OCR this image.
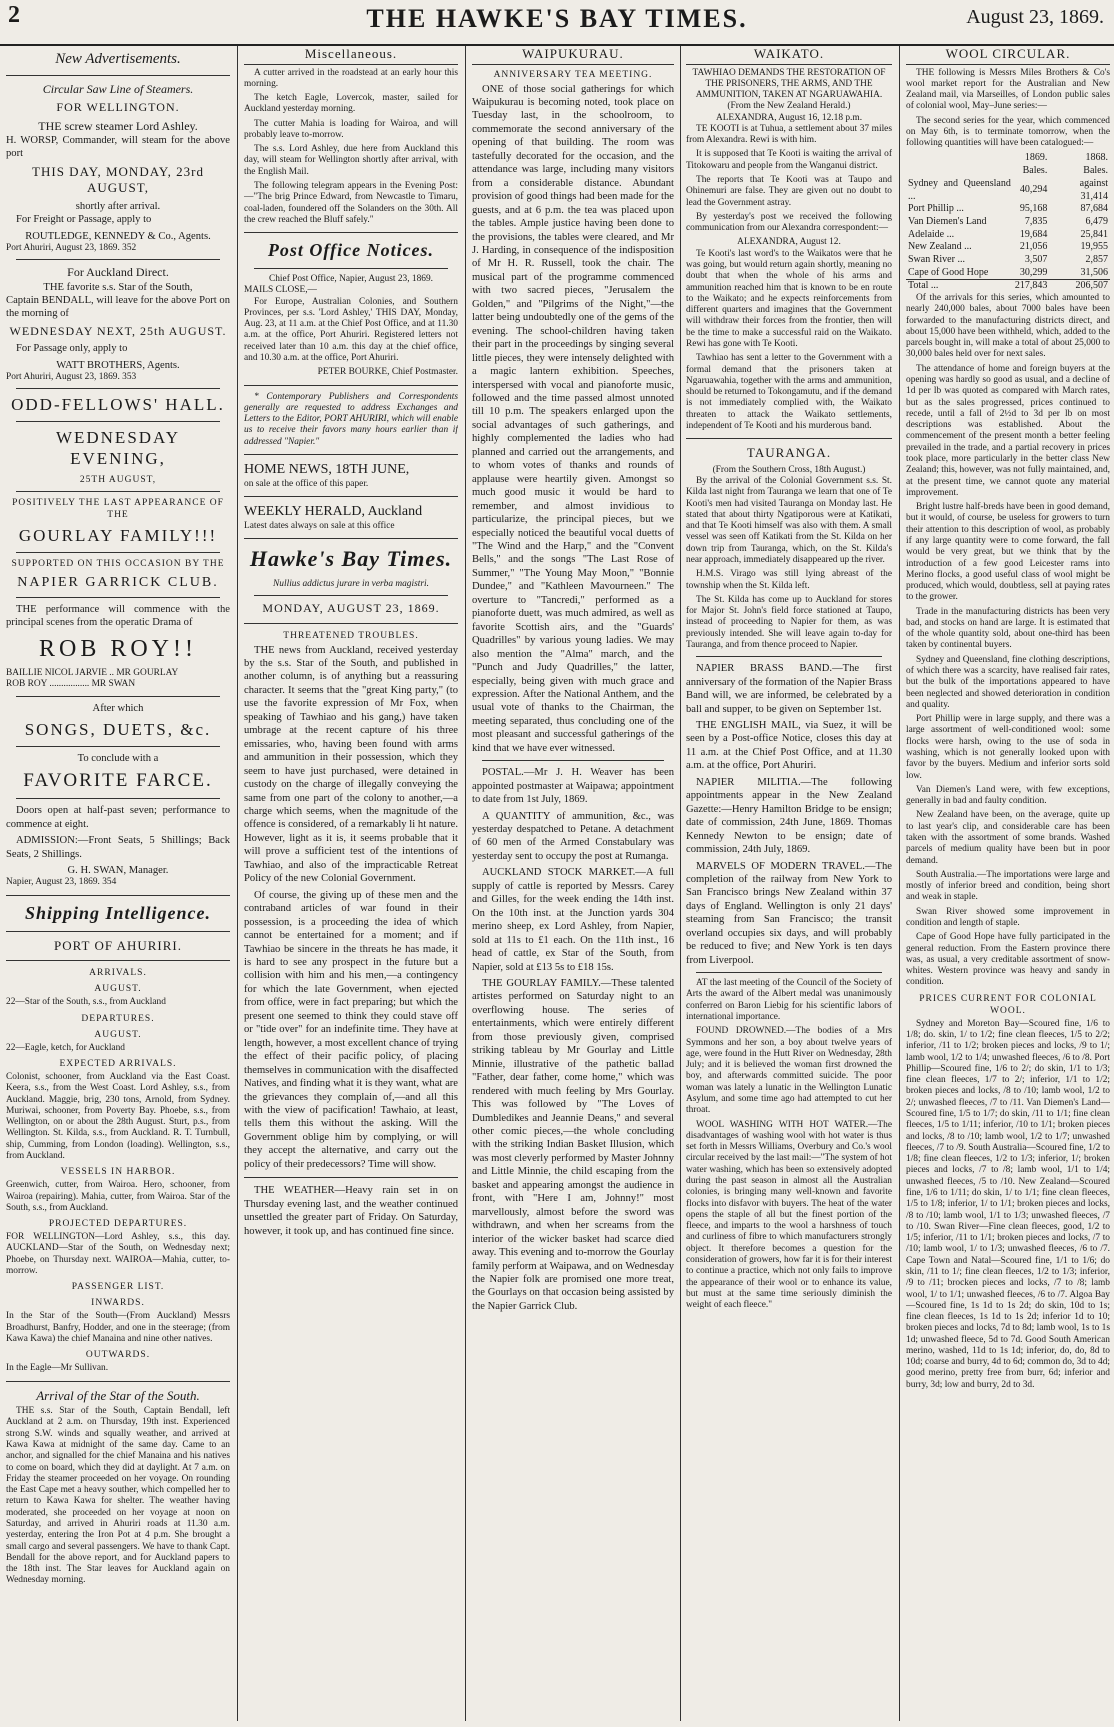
2	THE HAWKE'S BAY TIMES.	August 23, 1869.
New Advertisements.
Circular Saw Line of Steamers.
FOR WELLINGTON.
THE screw steamer Lord Ashley.

H. WORSP, Commander, will steam for the above port

THIS DAY, MONDAY, 23rd AUGUST,
shortly after arrival.

For Freight or Passage, apply to

ROUTLEDGE, KENNEDY & Co., Agents.
Port Ahuriri, August 23, 1869. 352
For Auckland Direct.
THE favorite s.s. Star of the South,

Captain BENDALL, will leave for the above Port on the morning of

WEDNESDAY NEXT, 25th AUGUST.

For Passage only, apply to

WATT BROTHERS, Agents.
Port Ahuriri, August 23, 1869. 353
ODD-FELLOWS' HALL.
WEDNESDAY EVENING,
25TH AUGUST,
POSITIVELY THE LAST APPEARANCE OF THE
GOURLAY FAMILY!!!
SUPPORTED ON THIS OCCASION BY THE
NAPIER GARRICK CLUB.

THE performance will commence with the principal scenes from the operatic Drama of

ROB ROY!!
BAILLIE NICOL JARVIE .. MR GOURLAY
ROB ROY ................. MR SWAN
After which
SONGS, DUETS, &c.
To conclude with a
FAVORITE FARCE.

Doors open at half-past seven; performance to commence at eight.

ADMISSION:—Front Seats, 5 Shillings; Back Seats, 2 Shillings.

G. H. SWAN, Manager.
Napier, August 23, 1869. 354
Shipping Intelligence.
PORT OF AHURIRI.
ARRIVALS.
AUGUST.
22—Star of the South, s.s., from Auckland
DEPARTURES.
AUGUST.
22—Eagle, ketch, for Auckland
EXPECTED ARRIVALS.
Colonist, schooner, from Auckland via the East Coast. Keera, s.s., from the West Coast. Lord Ashley, s.s., from Auckland. Maggie, brig, 230 tons, Arnold, from Sydney. Muriwai, schooner, from Poverty Bay. Phoebe, s.s., from Wellington, on or about the 28th August. Sturt, p.s., from Wellington. St. Kilda, s.s., from Auckland. R. T. Turnbull, ship, Cumming, from London (loading). Wellington, s.s., from Auckland.
VESSELS IN HARBOR.
Greenwich, cutter, from Wairoa. Hero, schooner, from Wairoa (repairing). Mahia, cutter, from Wairoa. Star of the South, s.s., from Auckland.
PROJECTED DEPARTURES.
FOR WELLINGTON—Lord Ashley, s.s., this day. AUCKLAND—Star of the South, on Wednesday next; Phoebe, on Thursday next. WAIROA—Mahia, cutter, to-morrow.
PASSENGER LIST.
INWARDS.
In the Star of the South—(From Auckland) Messrs Broadhurst, Banfry, Hodder, and one in the steerage; (from Kawa Kawa) the chief Manaina and nine other natives.
OUTWARDS.
In the Eagle—Mr Sullivan.
Arrival of the Star of the South.

THE s.s. Star of the South, Captain Bendall, left Auckland at 2 a.m. on Thursday, 19th inst. Experienced strong S.W. winds and squally weather, and arrived at Kawa Kawa at midnight of the same day. Came to an anchor, and signalled for the chief Manaina and his natives to come on board, which they did at daylight. At 7 a.m. on Friday the steamer proceeded on her voyage. On rounding the East Cape met a heavy souther, which compelled her to return to Kawa Kawa for shelter. The weather having moderated, she proceeded on her voyage at noon on Saturday, and arrived in Ahuriri roads at 11.30 a.m. yesterday, entering the Iron Pot at 4 p.m. She brought a small cargo and several passengers. We have to thank Capt. Bendall for the above report, and for Auckland papers to the 18th inst. The Star leaves for Auckland again on Wednesday morning.

Miscellaneous.

A cutter arrived in the roadstead at an early hour this morning.

The ketch Eagle, Lovercok, master, sailed for Auckland yesterday morning.

The cutter Mahia is loading for Wairoa, and will probably leave to-morrow.

The s.s. Lord Ashley, due here from Auckland this day, will steam for Wellington shortly after arrival, with the English Mail.

The following telegram appears in the Evening Post:—"The brig Prince Edward, from Newcastle to Timaru, coal-laden, foundered off the Solanders on the 30th. All the crew reached the Bluff safely."

Post Office Notices.
Chief Post Office, Napier, August 23, 1869.
MAILS CLOSE,—

For Europe, Australian Colonies, and Southern Provinces, per s.s. 'Lord Ashley,' THIS DAY, Monday, Aug. 23, at 11 a.m. at the Chief Post Office, and at 11.30 a.m. at the office, Port Ahuriri. Registered letters not received later than 10 a.m. this day at the chief office, and 10.30 a.m. at the office, Port Ahuriri.

PETER BOURKE, Chief Postmaster.

* Contemporary Publishers and Correspondents generally are requested to address Exchanges and Letters to the Editor, PORT AHURIRI, which will enable us to receive their favors many hours earlier than if addressed "Napier."

HOME NEWS, 18TH JUNE,
on sale at the office of this paper.
WEEKLY HERALD, Auckland
Latest dates always on sale at this office
Hawke's Bay Times.
Nullius addictus jurare in verba magistri.
MONDAY, AUGUST 23, 1869.
THREATENED TROUBLES.

THE news from Auckland, received yesterday by the s.s. Star of the South, and published in another column, is of anything but a reassuring character. It seems that the "great King party," (to use the favorite expression of Mr Fox, when speaking of Tawhiao and his gang,) have taken umbrage at the recent capture of his three emissaries, who, having been found with arms and ammunition in their possession, which they seem to have just purchased, were detained in custody on the charge of illegally conveying the same from one part of the colony to another,—a charge which seems, when the magnitude of the offence is considered, of a remarkably li ht nature. However, light as it is, it seems probable that it will prove a sufficient test of the intentions of Tawhiao, and also of the impracticable Retreat Policy of the new Colonial Government.

Of course, the giving up of these men and the contraband articles of war found in their possession, is a proceeding the idea of which cannot be entertained for a moment; and if Tawhiao be sincere in the threats he has made, it is hard to see any prospect in the future but a collision with him and his men,—a contingency for which the late Government, when ejected from office, were in fact preparing; but which the present one seemed to think they could stave off or "tide over" for an indefinite time. They have at length, however, a most excellent chance of trying the effect of their pacific policy, of placing themselves in communication with the disaffected Natives, and finding what it is they want, what are the grievances they complain of,—and all this with the view of pacification! Tawhaio, at least, tells them this without the asking. Will the Government oblige him by complying, or will they accept the alternative, and carry out the policy of their predecessors? Time will show.

THE WEATHER—Heavy rain set in on Thursday evening last, and the weather continued unsettled the greater part of Friday. On Saturday, however, it took up, and has continued fine since.

WAIPUKURAU.
ANNIVERSARY TEA MEETING.

ONE of those social gatherings for which Waipukurau is becoming noted, took place on Tuesday last, in the schoolroom, to commemorate the second anniversary of the opening of that building. The room was tastefully decorated for the occasion, and the attendance was large, including many visitors from a considerable distance. Abundant provision of good things had been made for the guests, and at 6 p.m. the tea was placed upon the tables. Ample justice having been done to the provisions, the tables were cleared, and Mr J. Harding, in consequence of the indisposition of Mr H. R. Russell, took the chair. The musical part of the programme commenced with two sacred pieces, "Jerusalem the Golden," and "Pilgrims of the Night,"—the latter being undoubtedly one of the gems of the evening. The school-children having taken their part in the proceedings by singing several little pieces, they were intensely delighted with a magic lantern exhibition. Speeches, interspersed with vocal and pianoforte music, followed and the time passed almost unnoted till 10 p.m. The speakers enlarged upon the social advantages of such gatherings, and highly complemented the ladies who had planned and carried out the arrangements, and to whom votes of thanks and rounds of applause were heartily given. Amongst so much good music it would be hard to remember, and almost invidious to particularize, the principal pieces, but we especially noticed the beautiful vocal duetts of "The Wind and the Harp," and the "Convent Bells," and the songs "The Last Rose of Summer," "The Young May Moon," "Bonnie Dundee," and "Kathleen Mavourneen." The overture to "Tancredi," performed as a pianoforte duett, was much admired, as well as favorite Scottish airs, and the "Guards' Quadrilles" by various young ladies. We may also mention the "Alma" march, and the "Punch and Judy Quadrilles," the latter, especially, being given with much grace and expression. After the National Anthem, and the usual vote of thanks to the Chairman, the meeting separated, thus concluding one of the most pleasant and successful gatherings of the kind that we have ever witnessed.

POSTAL.—Mr J. H. Weaver has been appointed postmaster at Waipawa; appointment to date from 1st July, 1869.

A QUANTITY of ammunition, &c., was yesterday despatched to Petane. A detachment of 60 men of the Armed Constabulary was yesterday sent to occupy the post at Rumanga.

AUCKLAND STOCK MARKET.—A full supply of cattle is reported by Messrs. Carey and Gilles, for the week ending the 14th inst. On the 10th inst. at the Junction yards 304 merino sheep, ex Lord Ashley, from Napier, sold at 11s to £1 each. On the 11th inst., 16 head of cattle, ex Star of the South, from Napier, sold at £13 5s to £18 15s.

THE GOURLAY FAMILY.—These talented artistes performed on Saturday night to an overflowing house. The series of entertainments, which were entirely different from those previously given, comprised striking tableau by Mr Gourlay and Little Minnie, illustrative of the pathetic ballad "Father, dear father, come home," which was rendered with much feeling by Mrs Gourlay. This was followed by "The Loves of Dumbledikes and Jeannie Deans," and several other comic pieces,—the whole concluding with the striking Indian Basket Illusion, which was most cleverly performed by Master Johnny and Little Minnie, the child escaping from the basket and appearing amongst the audience in front, with "Here I am, Johnny!" most marvellously, almost before the sword was withdrawn, and when her screams from the interior of the wicker basket had scarce died away. This evening and to-morrow the Gourlay family perform at Waipawa, and on Wednesday the Napier folk are promised one more treat, the Gourlays on that occasion being assisted by the Napier Garrick Club.

WAIKATO.
TAWHIAO DEMANDS THE RESTORATION OF THE PRISONERS, THE ARMS, AND THE AMMUNITION, TAKEN AT NGARUAWAHIA.
(From the New Zealand Herald.)
ALEXANDRA, August 16, 12.18 p.m.

TE KOOTI is at Tuhua, a settlement about 37 miles from Alexandra. Rewi is with him.

It is supposed that Te Kooti is waiting the arrival of Titokowaru and people from the Wanganui district.

The reports that Te Kooti was at Taupo and Ohinemuri are false. They are given out no doubt to lead the Government astray.

By yesterday's post we received the following communication from our Alexandra correspondent:—

ALEXANDRA, August 12.

Te Kooti's last word's to the Waikatos were that he was going, but would return again shortly, meaning no doubt that when the whole of his arms and ammunition reached him that is known to be en route to the Waikato; and he expects reinforcements from different quarters and imagines that the Government will withdraw their forces from the frontier, then will be the time to make a successful raid on the Waikato. Rewi has gone with Te Kooti.

Tawhiao has sent a letter to the Government with a formal demand that the prisoners taken at Ngaruawahia, together with the arms and ammunition, should be returned to Tokongamutu, and if the demand is not immediately complied with, the Waikato threaten to attack the Waikato settlements, independent of Te Kooti and his murderous band.

TAURANGA.
(From the Southern Cross, 18th August.)

By the arrival of the Colonial Government s.s. St. Kilda last night from Tauranga we learn that one of Te Kooti's men had visited Tauranga on Monday last. He stated that about thirty Ngatiporous were at Katikati, and that Te Kooti himself was also with them. A small vessel was seen off Katikati from the St. Kilda on her down trip from Tauranga, which, on the St. Kilda's near approach, immediately disappeared up the river.

H.M.S. Virago was still lying abreast of the township when the St. Kilda left.

The St. Kilda has come up to Auckland for stores for Major St. John's field force stationed at Taupo, instead of proceeding to Napier for them, as was previously intended. She will leave again to-day for Tauranga, and from thence proceed to Napier.

NAPIER BRASS BAND.—The first anniversary of the formation of the Napier Brass Band will, we are informed, be celebrated by a ball and supper, to be given on September 1st.

THE ENGLISH MAIL, via Suez, it will be seen by a Post-office Notice, closes this day at 11 a.m. at the Chief Post Office, and at 11.30 a.m. at the office, Port Ahuriri.

NAPIER MILITIA.—The following appointments appear in the New Zealand Gazette:—Henry Hamilton Bridge to be ensign; date of commission, 24th June, 1869. Thomas Kennedy Newton to be ensign; date of commission, 24th July, 1869.

MARVELS OF MODERN TRAVEL.—The completion of the railway from New York to San Francisco brings New Zealand within 37 days of England. Wellington is only 21 days' steaming from San Francisco; the transit overland occupies six days, and will probably be reduced to five; and New York is ten days from Liverpool.

AT the last meeting of the Council of the Society of Arts the award of the Albert medal was unanimously conferred on Baron Liebig for his scientific labors of international importance.

FOUND DROWNED.—The bodies of a Mrs Symmons and her son, a boy about twelve years of age, were found in the Hutt River on Wednesday, 28th July; and it is believed the woman first drowned the boy, and afterwards committed suicide. The poor woman was lately a lunatic in the Wellington Lunatic Asylum, and some time ago had attempted to cut her throat.

WOOL WASHING WITH HOT WATER.—The disadvantages of washing wool with hot water is thus set forth in Messrs Williams, Overbury and Co.'s wool circular received by the last mail:—"The system of hot water washing, which has been so extensively adopted during the past season in almost all the Australian colonies, is bringing many well-known and favorite flocks into disfavor with buyers. The heat of the water opens the staple of all but the finest portion of the fleece, and imparts to the wool a harshness of touch and curliness of fibre to which manufacturers strongly object. It therefore becomes a question for the consideration of growers, how far it is for their interest to continue a practice, which not only fails to improve the appearance of their wool or to enhance its value, but must at the same time seriously diminish the weight of each fleece."

WOOL CIRCULAR.

THE following is Messrs Miles Brothers & Co's wool market report for the Australian and New Zealand mail, via Marseilles, of London public sales of colonial wool, May–June series:—

The second series for the year, which commenced on May 6th, is to terminate tomorrow, when the following quantities will have been catalogued:—

	1869.	1868.
	Bales.	Bales.
Sydney and Queensland ...	40,294	against 31,414
Port Phillip ...	95,168	87,684
Van Diemen's Land	7,835	6,479
Adelaide ...	19,684	25,841
New Zealand ...	21,056	19,955
Swan River ...	3,507	2,857
Cape of Good Hope	30,299	31,506
Total ...	217,843	206,507

Of the arrivals for this series, which amounted to nearly 240,000 bales, about 7000 bales have been forwarded to the manufacturing districts direct, and about 15,000 have been withheld, which, added to the parcels bought in, will make a total of about 25,000 to 30,000 bales held over for next sales.

The attendance of home and foreign buyers at the opening was hardly so good as usual, and a decline of 1d per lb was quoted as compared with March rates, but as the sales progressed, prices continued to recede, until a fall of 2½d to 3d per lb on most descriptions was established. About the commencement of the present month a better feeling prevailed in the trade, and a partial recovery in prices took place, more particularly in the better class New Zealand; this, however, was not fully maintained, and, at the present time, we cannot quote any material improvement.

Bright lustre half-breds have been in good demand, but it would, of course, be useless for growers to turn their attention to this description of wool, as probably if any large quantity were to come forward, the fall would be very great, but we think that by the introduction of a few good Leicester rams into Merino flocks, a good useful class of wool might be produced, which would, doubtless, sell at paying rates to the grower.

Trade in the manufacturing districts has been very bad, and stocks on hand are large. It is estimated that of the whole quantity sold, about one-third has been taken by continental buyers.

Sydney and Queensland, fine clothing descriptions, of which there was a scarcity, have realised fair rates, but the bulk of the importations appeared to have been neglected and showed deterioration in condition and quality.

Port Phillip were in large supply, and there was a large assortment of well-conditioned wool: some flocks were harsh, owing to the use of soda in washing, which is not generally looked upon with favor by the buyers. Medium and inferior sorts sold low.

Van Diemen's Land were, with few exceptions, generally in bad and faulty condition.

New Zealand have been, on the average, quite up to last year's clip, and considerable care has been taken with the assortment of some brands. Washed parcels of medium quality have been but in poor demand.

South Australia.—The importations were large and mostly of inferior breed and condition, being short and weak in staple.

Swan River showed some improvement in condition and length of staple.

Cape of Good Hope have fully participated in the general reduction. From the Eastern province there was, as usual, a very creditable assortment of snow-whites. Western province was heavy and sandy in condition.

PRICES CURRENT FOR COLONIAL WOOL.

Sydney and Moreton Bay—Scoured fine, 1/6 to 1/8; do. skin, 1/ to 1/2; fine clean fleeces, 1/5 to 2/2; inferior, /11 to 1/2; broken pieces and locks, /9 to 1/; lamb wool, 1/2 to 1/4; unwashed fleeces, /6 to /8. Port Phillip—Scoured fine, 1/6 to 2/; do skin, 1/1 to 1/3; fine clean fleeces, 1/7 to 2/; inferior, 1/1 to 1/2; broken pieces and locks, /8 to /10; lamb wool, 1/2 to 2/; unwashed fleeces, /7 to /11. Van Diemen's Land—Scoured fine, 1/5 to 1/7; do skin, /11 to 1/1; fine clean fleeces, 1/5 to 1/11; inferior, /10 to 1/1; broken pieces and locks, /8 to /10; lamb wool, 1/2 to 1/7; unwashed fleeces, /7 to /9. South Australia—Scoured fine, 1/2 to 1/8; fine clean fleeces, 1/2 to 1/3; inferior, 1/; broken pieces and locks, /7 to /8; lamb wool, 1/1 to 1/4; unwashed fleeces, /5 to /10. New Zealand—Scoured fine, 1/6 to 1/11; do skin, 1/ to 1/1; fine clean fleeces, 1/5 to 1/8; inferior, 1/ to 1/1; broken pieces and locks, /8 to /10; lamb wool, 1/1 to 1/3; unwashed fleeces, /7 to /10. Swan River—Fine clean fleeces, good, 1/2 to 1/5; inferior, /11 to 1/1; broken pieces and locks, /7 to /10; lamb wool, 1/ to 1/3; unwashed fleeces, /6 to /7. Cape Town and Natal—Scoured fine, 1/1 to 1/6; do skin, /11 to 1/; fine clean fleeces, 1/2 to 1/3; inferior, /9 to /11; brocken pieces and locks, /7 to /8; lamb wool, 1/ to 1/1; unwashed fleeces, /6 to /7. Algoa Bay—Scoured fine, 1s 1d to 1s 2d; do skin, 10d to 1s; fine clean fleeces, 1s 1d to 1s 2d; inferior 1d to 10; broken pieces and locks, 7d to 8d; lamb wool, 1s to 1s 1d; unwashed fleece, 5d to 7d. Good South American merino, washed, 11d to 1s 1d; inferior, do, do, 8d to 10d; coarse and burry, 4d to 6d; common do, 3d to 4d; good merino, pretty free from burr, 6d; inferior and burry, 3d; low and burry, 2d to 3d.
